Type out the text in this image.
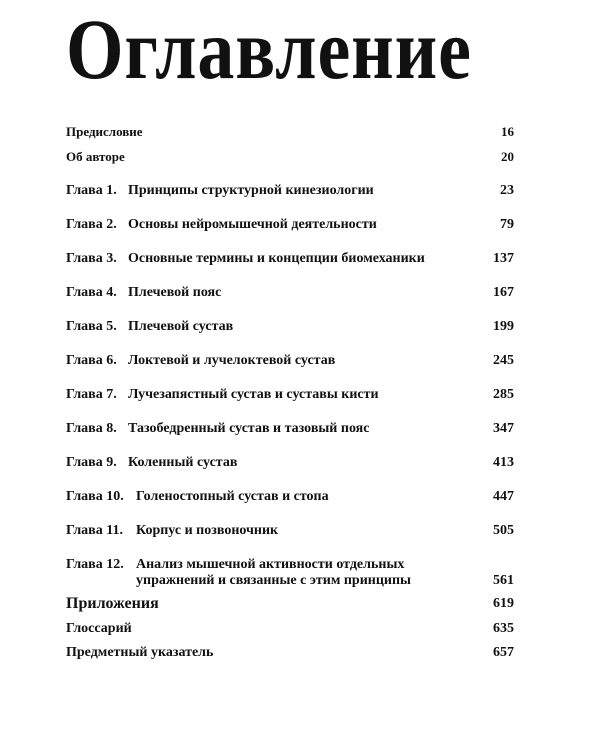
Оглавление
Предисловие	16
Об авторе	20
Глава 1. Принципы структурной кинезиологии	23
Глава 2. Основы нейромышечной деятельности	79
Глава 3. Основные термины и концепции биомеханики	137
Глава 4. Плечевой пояс	167
Глава 5. Плечевой сустав	199
Глава 6. Локтевой и лучелоктевой сустав	245
Глава 7. Лучезапястный сустав и суставы кисти	285
Глава 8. Тазобедренный сустав и тазовый пояс	347
Глава 9. Коленный сустав	413
Глава 10. Голеностопный сустав и стопа	447
Глава 11. Корпус и позвоночник	505
Глава 12. Анализ мышечной активности отдельных
упражнений и связанные с этим принципы	561
Приложения	619
Глоссарий	635
Предметный указатель	657
